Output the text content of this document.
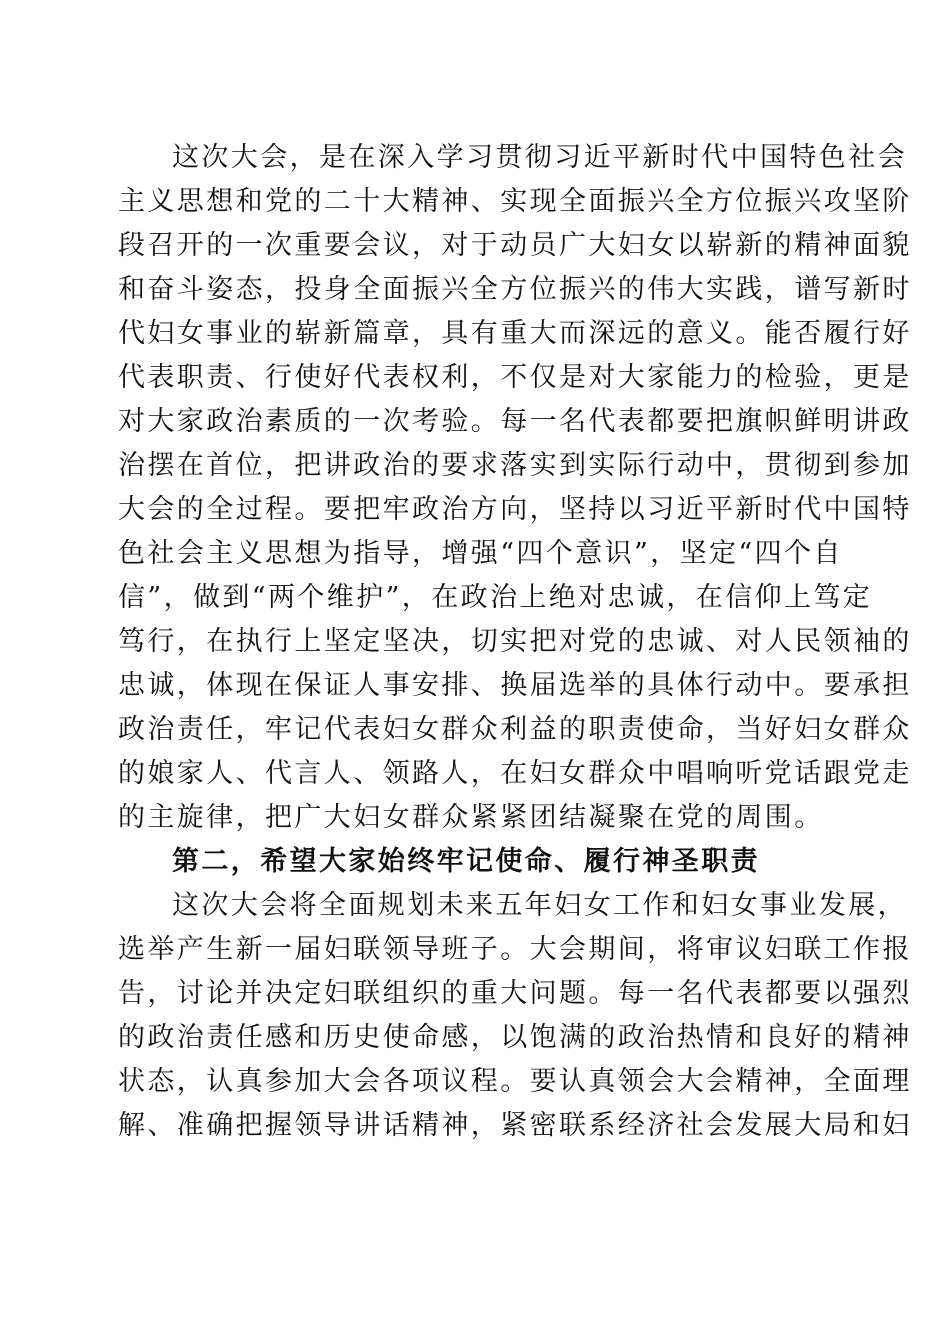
这次大会，是在深入学习贯彻习近平新时代中国特色社会
主义思想和党的二十大精神、实现全面振兴全方位振兴攻坚阶
段召开的一次重要会议，对于动员广大妇女以崭新的精神面貌
和奋斗姿态，投身全面振兴全方位振兴的伟大实践，谱写新时
代妇女事业的崭新篇章，具有重大而深远的意义。能否履行好
代表职责、行使好代表权利，不仅是对大家能力的检验，更是
对大家政治素质的一次考验。每一名代表都要把旗帜鲜明讲政
治摆在首位，把讲政治的要求落实到实际行动中，贯彻到参加
大会的全过程。要把牢政治方向，坚持以习近平新时代中国特
色社会主义思想为指导，增强“四个意识”，坚定“四个自
信”，做到“两个维护”，在政治上绝对忠诚，在信仰上笃定
笃行，在执行上坚定坚决，切实把对党的忠诚、对人民领袖的
忠诚，体现在保证人事安排、换届选举的具体行动中。要承担
政治责任，牢记代表妇女群众利益的职责使命，当好妇女群众
的娘家人、代言人、领路人，在妇女群众中唱响听党话跟党走
的主旋律，把广大妇女群众紧紧团结凝聚在党的周围。
第二，希望大家始终牢记使命、履行神圣职责
这次大会将全面规划未来五年妇女工作和妇女事业发展，
选举产生新一届妇联领导班子。大会期间，将审议妇联工作报
告，讨论并决定妇联组织的重大问题。每一名代表都要以强烈
的政治责任感和历史使命感，以饱满的政治热情和良好的精神
状态，认真参加大会各项议程。要认真领会大会精神，全面理
解、准确把握领导讲话精神，紧密联系经济社会发展大局和妇
